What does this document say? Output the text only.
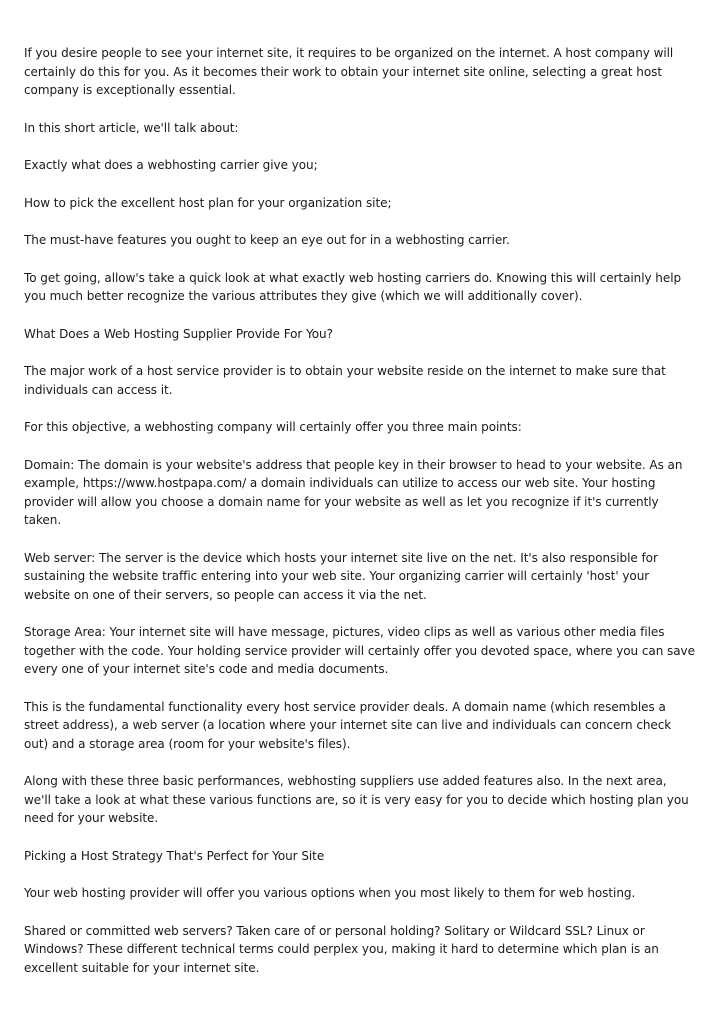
If you desire people to see your internet site, it requires to be organized on the internet. A host company will certainly do this for you. As it becomes their work to obtain your internet site online, selecting a great host company is exceptionally essential.

In this short article, we'll talk about:

Exactly what does a webhosting carrier give you;

How to pick the excellent host plan for your organization site;

The must-have features you ought to keep an eye out for in a webhosting carrier.

To get going, allow's take a quick look at what exactly web hosting carriers do. Knowing this will certainly help you much better recognize the various attributes they give (which we will additionally cover).

What Does a Web Hosting Supplier Provide For You?

The major work of a host service provider is to obtain your website reside on the internet to make sure that individuals can access it.

For this objective, a webhosting company will certainly offer you three main points:

Domain: The domain is your website's address that people key in their browser to head to your website. As an example, https://www.hostpapa.com/ a domain individuals can utilize to access our web site. Your hosting provider will allow you choose a domain name for your website as well as let you recognize if it's currently taken.

Web server: The server is the device which hosts your internet site live on the net. It's also responsible for sustaining the website traffic entering into your web site. Your organizing carrier will certainly 'host' your website on one of their servers, so people can access it via the net.

Storage Area: Your internet site will have message, pictures, video clips as well as various other media files together with the code. Your holding service provider will certainly offer you devoted space, where you can save every one of your internet site's code and media documents.

This is the fundamental functionality every host service provider deals. A domain name (which resembles a street address), a web server (a location where your internet site can live and individuals can concern check out) and a storage area (room for your website's files).

Along with these three basic performances, webhosting suppliers use added features also. In the next area, we'll take a look at what these various functions are, so it is very easy for you to decide which hosting plan you need for your website.

Picking a Host Strategy That's Perfect for Your Site

Your web hosting provider will offer you various options when you most likely to them for web hosting.

Shared or committed web servers? Taken care of or personal holding? Solitary or Wildcard SSL? Linux or Windows? These different technical terms could perplex you, making it hard to determine which plan is an excellent suitable for your internet site.
